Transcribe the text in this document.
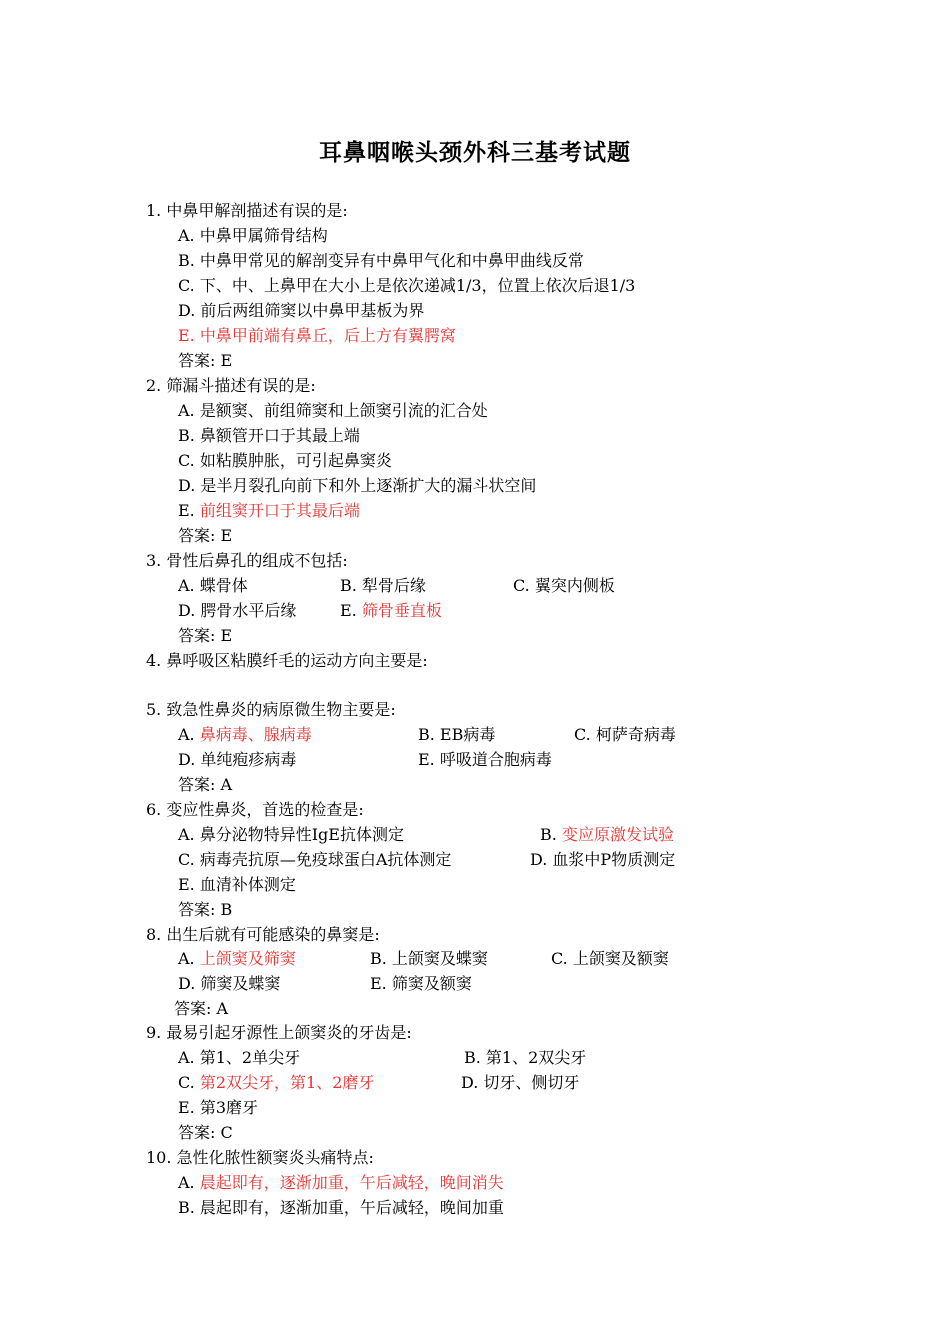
耳鼻咽喉头颈外科三基考试题
1. 中鼻甲解剖描述有误的是:
A. 中鼻甲属筛骨结构
B. 中鼻甲常见的解剖变异有中鼻甲气化和中鼻甲曲线反常
C. 下、中、上鼻甲在大小上是依次递减1/3，位置上依次后退1/3
D. 前后两组筛窦以中鼻甲基板为界
E. 中鼻甲前端有鼻丘，后上方有翼腭窝
答案: E
2. 筛漏斗描述有误的是:
A. 是额窦、前组筛窦和上颌窦引流的汇合处
B. 鼻额管开口于其最上端
C. 如粘膜肿胀，可引起鼻窦炎
D. 是半月裂孔向前下和外上逐渐扩大的漏斗状空间
E. 前组窦开口于其最后端
答案: E
3. 骨性后鼻孔的组成不包括:
A. 蝶骨体	B. 犁骨后缘	C. 翼突内侧板
D. 腭骨水平后缘	E. 筛骨垂直板
答案: E
4. 鼻呼吸区粘膜纤毛的运动方向主要是:
5. 致急性鼻炎的病原微生物主要是:
A. 鼻病毒、腺病毒	B. EB病毒	C. 柯萨奇病毒
D. 单纯疱疹病毒	E. 呼吸道合胞病毒
答案: A
6. 变应性鼻炎，首选的检查是:
A. 鼻分泌物特异性IgE抗体测定	B. 变应原激发试验
C. 病毒壳抗原—免疫球蛋白A抗体测定	D. 血浆中P物质测定
E. 血清补体测定
答案: B
8. 出生后就有可能感染的鼻窦是:
A. 上颌窦及筛窦	B. 上颌窦及蝶窦	C. 上颌窦及额窦
D. 筛窦及蝶窦	E. 筛窦及额窦
答案: A
9. 最易引起牙源性上颌窦炎的牙齿是:
A. 第1、2单尖牙	B. 第1、2双尖牙
C. 第2双尖牙，第1、2磨牙	D. 切牙、侧切牙
E. 第3磨牙
答案: C
10. 急性化脓性额窦炎头痛特点:
A. 晨起即有，逐渐加重，午后减轻，晚间消失
B. 晨起即有，逐渐加重，午后减轻，晚间加重
